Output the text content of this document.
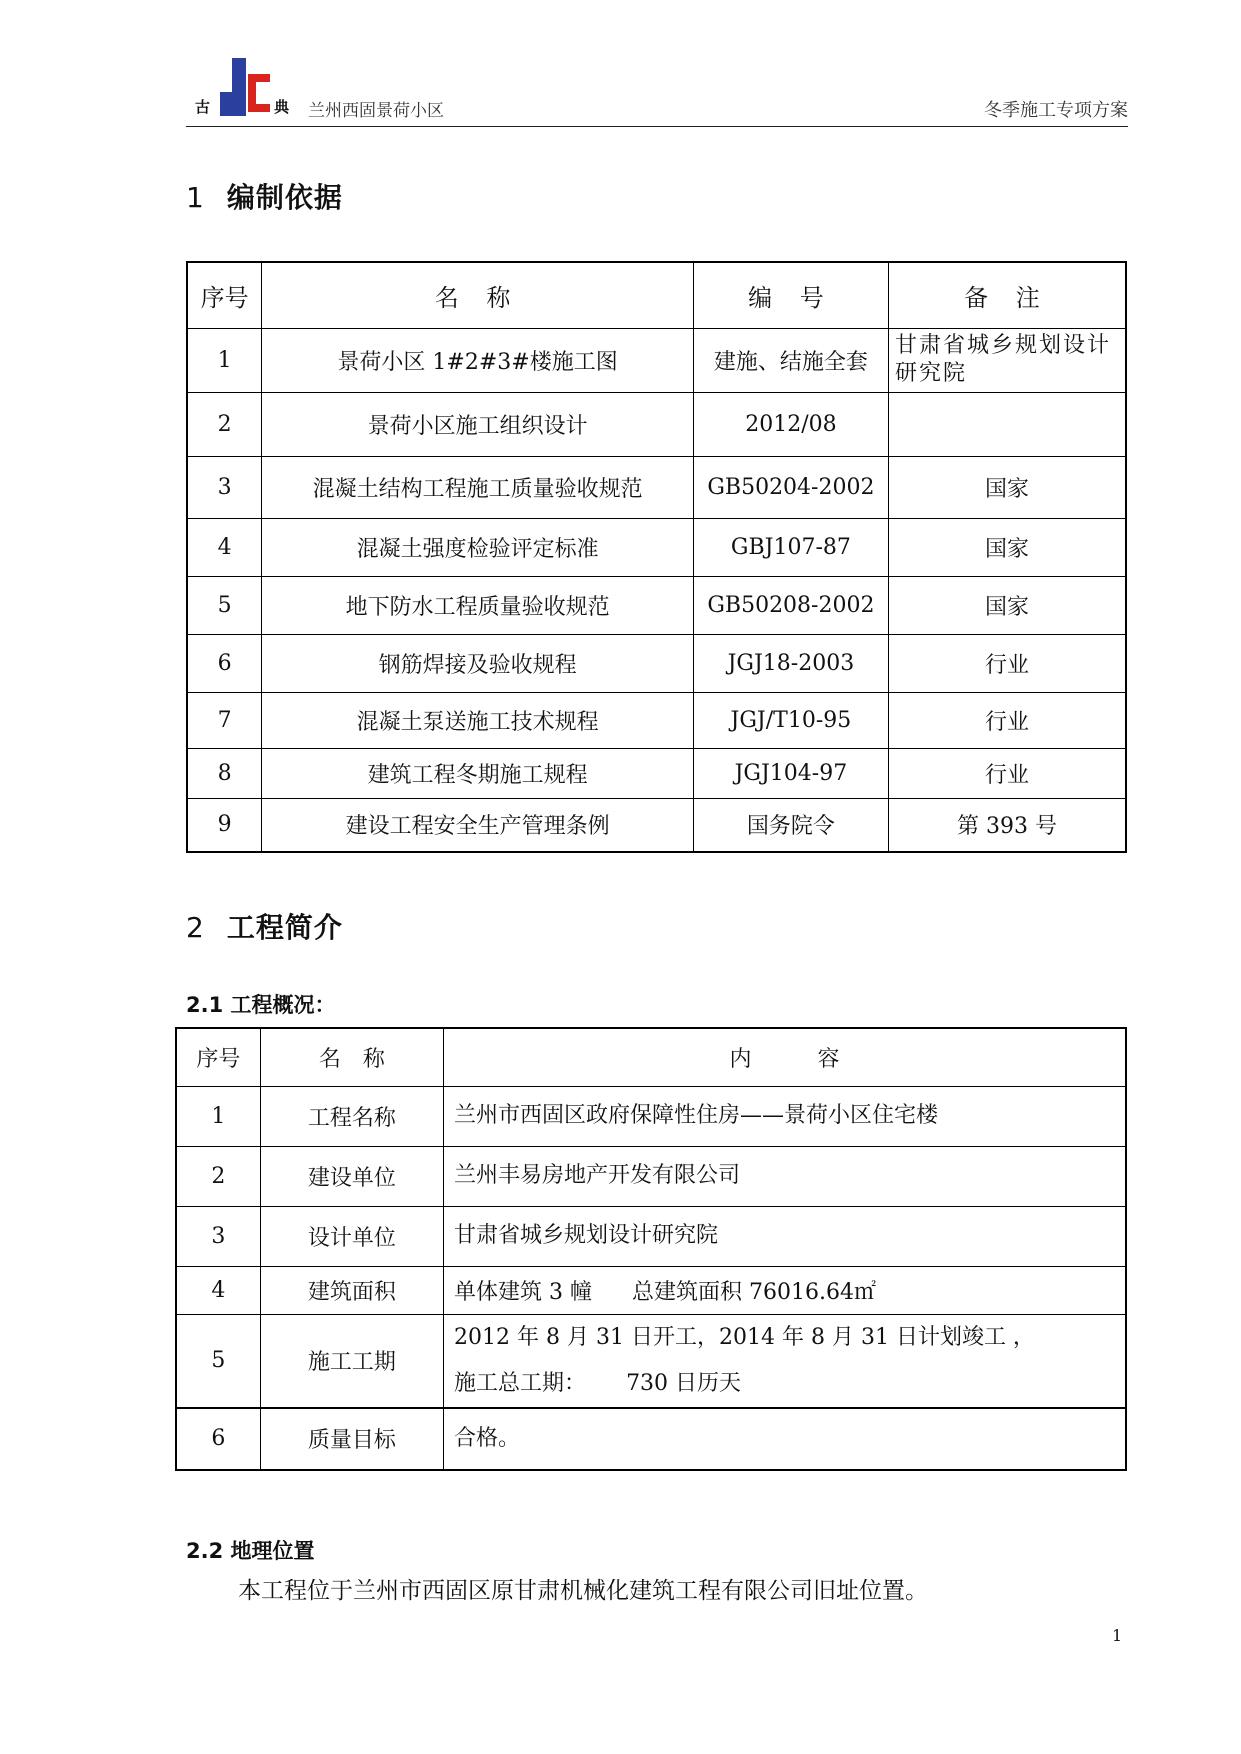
古	典 兰州西固景荷小区	冬季施工专项方案
1 编制依据
序号	名 称	编 号	备 注
1	景荷小区 1#2#3#楼施工图	建施、结施全套	甘肃省城乡规划设计研究院
2	景荷小区施工组织设计	2012/08	
3	混凝土结构工程施工质量验收规范	GB50204-2002	国家
4	混凝土强度检验评定标准	GBJ107-87	国家
5	地下防水工程质量验收规范	GB50208-2002	国家
6	钢筋焊接及验收规程	JGJ18-2003	行业
7	混凝土泵送施工技术规程	JGJ/T10-95	行业
8	建筑工程冬期施工规程	JGJ104-97	行业
9	建设工程安全生产管理条例	国务院令	第 393 号
2 工程简介
2.1 工程概况：
序号	名　称	内　　　容
1	工程名称	兰州市西固区政府保障性住房——景荷小区住宅楼
2	建设单位	兰州丰易房地产开发有限公司
3	设计单位	甘肃省城乡规划设计研究院
4	建筑面积	单体建筑 3 幢 总建筑面积 76016.64㎡
5	施工工期	2012 年 8 月 31 日开工，2014 年 8 月 31 日计划竣工 ，
施工总工期： 730 日历天

6	质量目标	合格。
2.2 地理位置
本工程位于兰州市西固区原甘肃机械化建筑工程有限公司旧址位置。
1
